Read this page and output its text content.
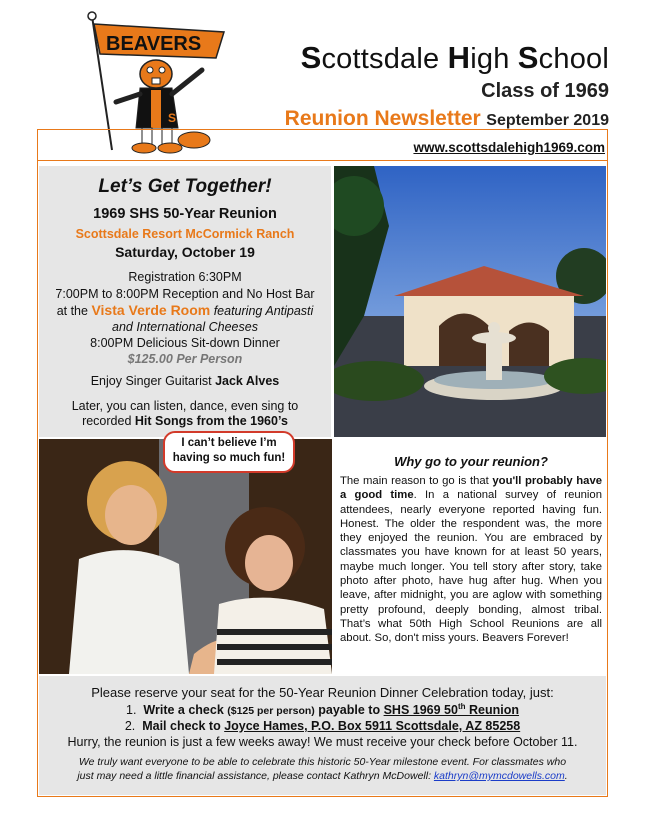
BEAVERS
S
Scottsdale High School
Class of 1969
Reunion Newsletter September 2019
www.scottsdalehigh1969.com
Let’s Get Together!
1969 SHS 50-Year Reunion
Scottsdale Resort McCormick Ranch
Saturday, October 19
Registration 6:30PM
7:00PM to 8:00PM Reception and No Host Bar
at the Vista Verde Room featuring Antipasti
and International Cheeses
8:00PM Delicious Sit-down Dinner
$125.00 Per Person
Enjoy Singer Guitarist Jack Alves
Later, you can listen, dance, even sing to
recorded Hit Songs from the 1960’s
I can’t believe I’m
having so much fun!	Why go to your reunion?
The main reason to go is that you'll probably have a good time. In a national survey of reunion attendees, nearly everyone reported having fun. Honest. The older the respondent was, the more they enjoyed the reunion. You are embraced by classmates you have known for at least 50 years, maybe much longer. You tell story after story, take photo after photo, have hug after hug. When you leave, after midnight, you are aglow with something pretty profound, deeply bonding, almost tribal. That’s what 50th High School Reunions are all about. So, don't miss yours. Beavers Forever!
Please reserve your seat for the 50-Year Reunion Dinner Celebration today, just:
1. Write a check ($125 per person) payable to SHS 1969 50th Reunion
2. Mail check to Joyce Hames, P.O. Box 5911 Scottsdale, AZ 85258
Hurry, the reunion is just a few weeks away! We must receive your check before October 11.
We truly want everyone to be able to celebrate this historic 50-Year milestone event. For classmates who
just may need a little financial assistance, please contact Kathryn McDowell: kathryn@mymcdowells.com.
